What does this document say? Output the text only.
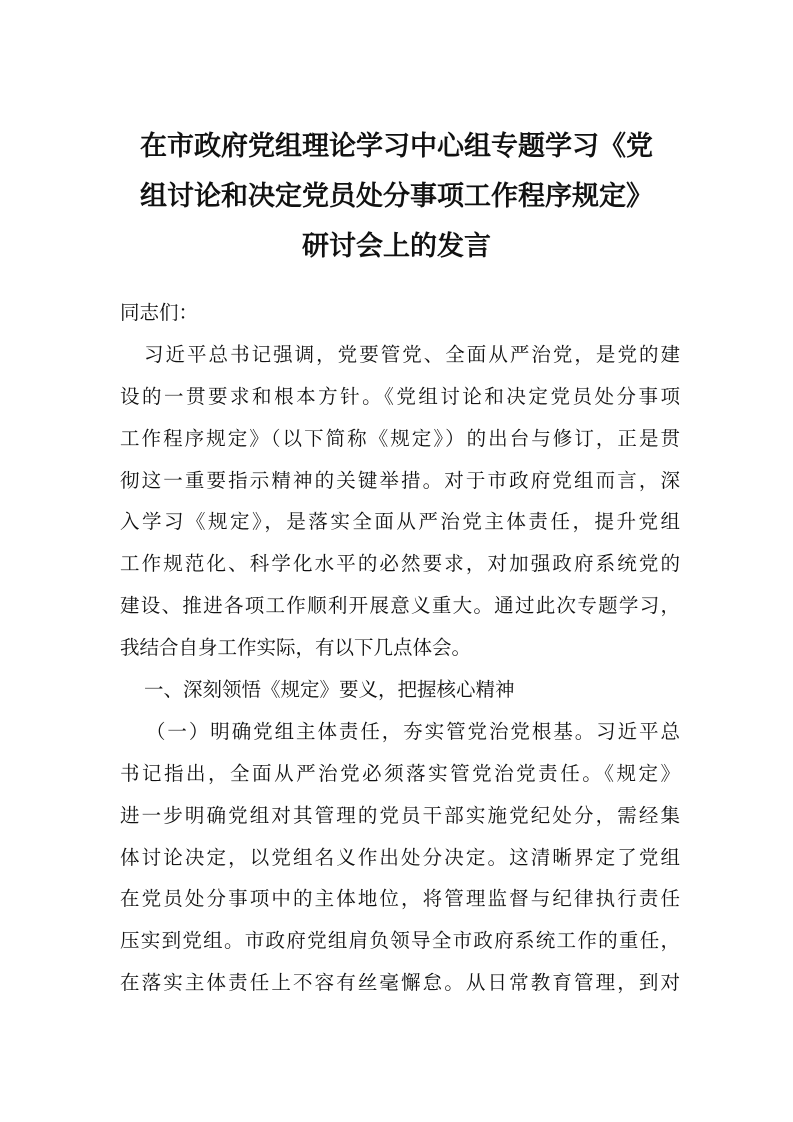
在市政府党组理论学习中心组专题学习《党
组讨论和决定党员处分事项工作程序规定》
研讨会上的发言
同志们：
习近平总书记强调，党要管党、全面从严治党，是党的建
设的一贯要求和根本方针。《党组讨论和决定党员处分事项
工作程序规定》（以下简称《规定》）的出台与修订，正是贯
彻这一重要指示精神的关键举措。对于市政府党组而言，深
入学习《规定》，是落实全面从严治党主体责任，提升党组
工作规范化、科学化水平的必然要求，对加强政府系统党的
建设、推进各项工作顺利开展意义重大。通过此次专题学习，
我结合自身工作实际，有以下几点体会。
一、深刻领悟《规定》要义，把握核心精神
（一）明确党组主体责任，夯实管党治党根基。习近平总
书记指出，全面从严治党必须落实管党治党责任。《规定》
进一步明确党组对其管理的党员干部实施党纪处分，需经集
体讨论决定，以党组名义作出处分决定。这清晰界定了党组
在党员处分事项中的主体地位，将管理监督与纪律执行责任
压实到党组。市政府党组肩负领导全市政府系统工作的重任，
在落实主体责任上不容有丝毫懈怠。从日常教育管理，到对
